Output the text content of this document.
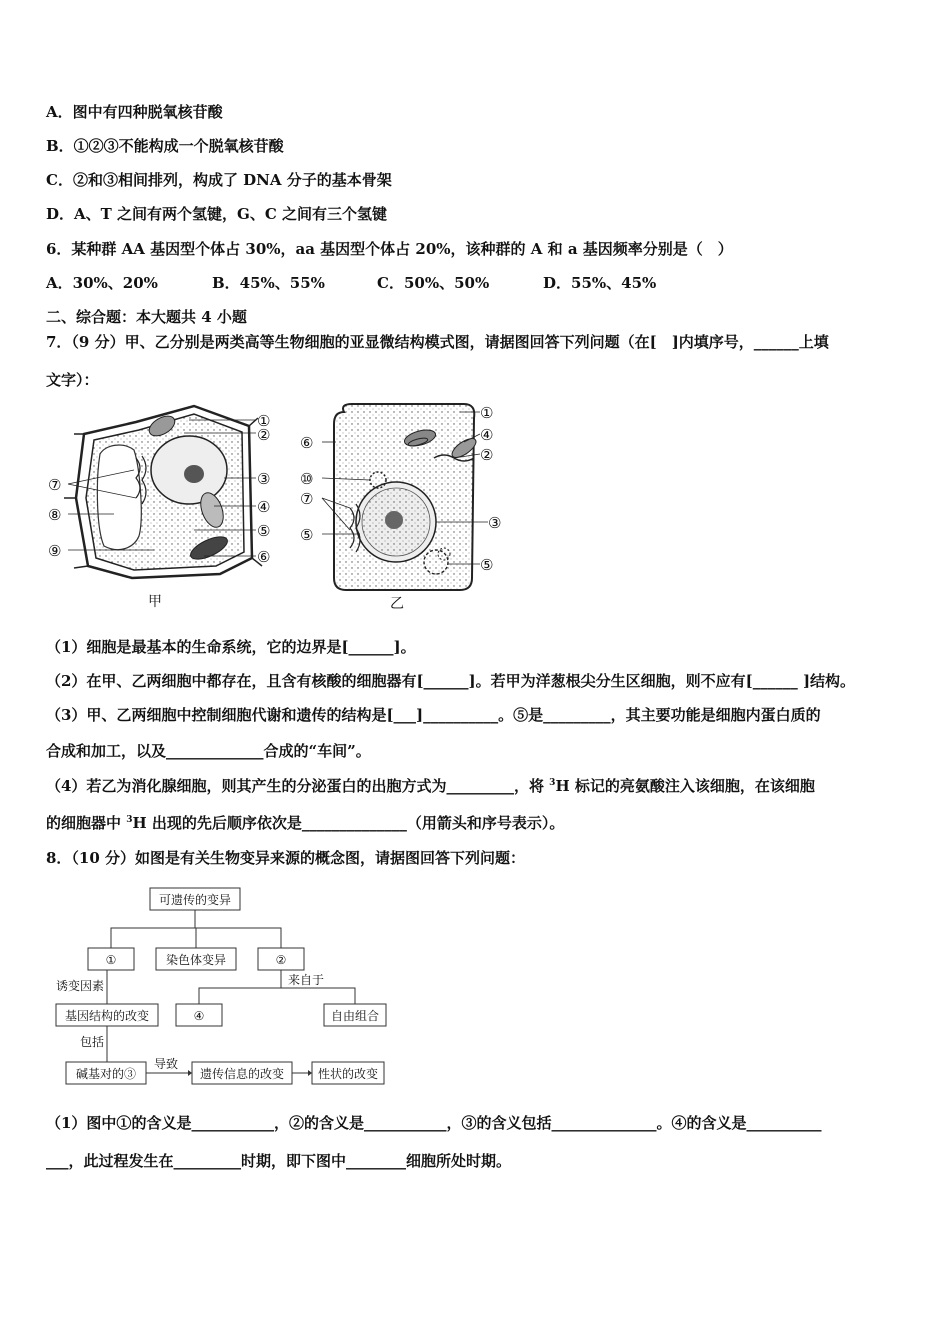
A．图中有四种脱氧核苷酸
B．①②③不能构成一个脱氧核苷酸
C．②和③相间排列，构成了 DNA 分子的基本骨架
D．A、T 之间有两个氢键，G、C 之间有三个氢键
6．某种群 AA 基因型个体占 30%，aa 基因型个体占 20%，该种群的 A 和 a 基因频率分别是（　）
A．30%、20%	B．45%、55%	C．50%、50%	D．55%、45%
二、综合题：本大题共 4 小题
7．（9 分）甲、乙分别是两类高等生物细胞的亚显微结构模式图，请据图回答下列问题（在[　]内填序号，______上填
文字）：
①
②
③
④
⑤
⑥
⑦
⑧
⑨
甲
①
④
②
⑥
⑩
⑦
⑤
③
⑤
乙
（1）细胞是最基本的生命系统，它的边界是[______]。
（2）在甲、乙两细胞中都存在，且含有核酸的细胞器有[______]。若甲为洋葱根尖分生区细胞，则不应有[______ ]结构。
（3）甲、乙两细胞中控制细胞代谢和遗传的结构是[___]__________。⑤是_________，其主要功能是细胞内蛋白质的
合成和加工，以及_____________合成的“车间”。
（4）若乙为消化腺细胞，则其产生的分泌蛋白的出胞方式为_________，将 $^3$H 标记的亮氨酸注入该细胞，在该细胞
的细胞器中 $^3$H 出现的先后顺序依次是______________（用箭头和序号表示）。
8．（10 分）如图是有关生物变异来源的概念图，请据图回答下列问题：
可遗传的变异
①	染色体变异	②
来自于
诱变因素
基因结构的改变	④	自由组合
包括
碱基对的③
导致
遗传信息的改变	性状的改变
（1）图中①的含义是___________，②的含义是___________，③的含义包括______________。④的含义是__________
___，此过程发生在_________时期，即下图中________细胞所处时期。
